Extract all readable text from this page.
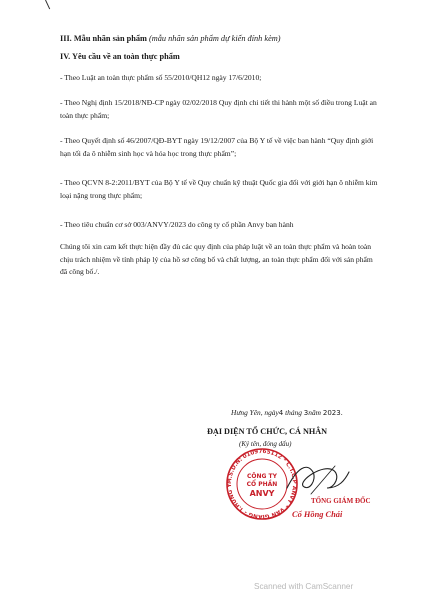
III. Mẫu nhãn sản phẩm (mẫu nhãn sản phẩm dự kiến đính kèm)
IV. Yêu cầu về an toàn thực phẩm
- Theo Luật an toàn thực phẩm số 55/2010/QH12 ngày 17/6/2010;
- Theo Nghị định 15/2018/NĐ-CP ngày 02/02/2018 Quy định chi tiết thi hành một số điều trong Luật an toàn thực phẩm;
- Theo Quyết định số 46/2007/QĐ-BYT ngày 19/12/2007 của Bộ Y tế về việc ban hành “Quy định giới hạn tối đa ô nhiễm sinh học và hóa học trong thực phẩm”;
- Theo QCVN 8-2:2011/BYT của Bộ Y tế về Quy chuẩn kỹ thuật Quốc gia đối với giới hạn ô nhiễm kim loại nặng trong thực phẩm;
- Theo tiêu chuẩn cơ sở 003/ANVY/2023 do công ty cổ phần Anvy ban hành
Chúng tôi xin cam kết thực hiện đầy đủ các quy định của pháp luật về an toàn thực phẩm và hoàn toàn chịu trách nhiệm về tính pháp lý của hồ sơ công bố và chất lượng, an toàn thực phẩm đối với sản phẩm đã công bố./.
Hưng Yên, ngày4 tháng 3năm 2023.
ĐẠI DIỆN TỔ CHỨC, CÁ NHÂN
(Ký tên, đóng dấu)
M.S.D.N: 0109765112 * C.T.C.P ANVY * VĂN GIANG - T.HƯNG Y
CÔNG TY
CỔ PHẦN
ANVY
TỔNG GIÁM ĐỐC
Cổ Hồng Chái
Scanned with CamScanner
